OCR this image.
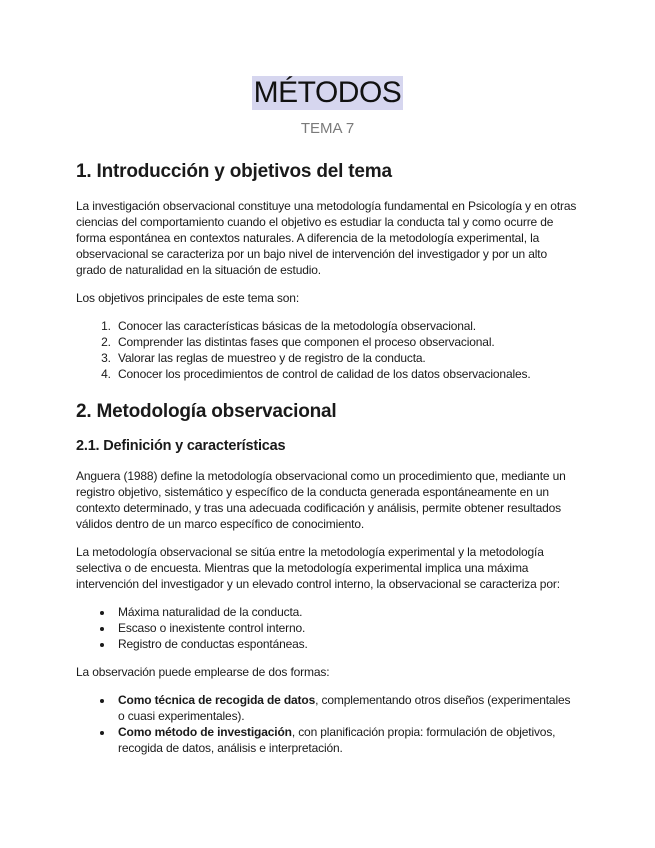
MÉTODOS
TEMA 7
1. Introducción y objetivos del tema

La investigación observacional constituye una metodología fundamental en Psicología y en otras ciencias del comportamiento cuando el objetivo es estudiar la conducta tal y como ocurre de forma espontánea en contextos naturales. A diferencia de la metodología experimental, la observacional se caracteriza por un bajo nivel de intervención del investigador y por un alto grado de naturalidad en la situación de estudio.

Los objetivos principales de este tema son:

1. Conocer las características básicas de la metodología observacional.
2. Comprender las distintas fases que componen el proceso observacional.
3. Valorar las reglas de muestreo y de registro de la conducta.
4. Conocer los procedimientos de control de calidad de los datos observacionales.
2. Metodología observacional
2.1. Definición y características

Anguera (1988) define la metodología observacional como un procedimiento que, mediante un registro objetivo, sistemático y específico de la conducta generada espontáneamente en un contexto determinado, y tras una adecuada codificación y análisis, permite obtener resultados válidos dentro de un marco específico de conocimiento.

La metodología observacional se sitúa entre la metodología experimental y la metodología selectiva o de encuesta. Mientras que la metodología experimental implica una máxima intervención del investigador y un elevado control interno, la observacional se caracteriza por:

• Máxima naturalidad de la conducta.
• Escaso o inexistente control interno.
• Registro de conductas espontáneas.

La observación puede emplearse de dos formas:

• Como técnica de recogida de datos, complementando otros diseños (experimentales o cuasi experimentales).
• Como método de investigación, con planificación propia: formulación de objetivos, recogida de datos, análisis e interpretación.
